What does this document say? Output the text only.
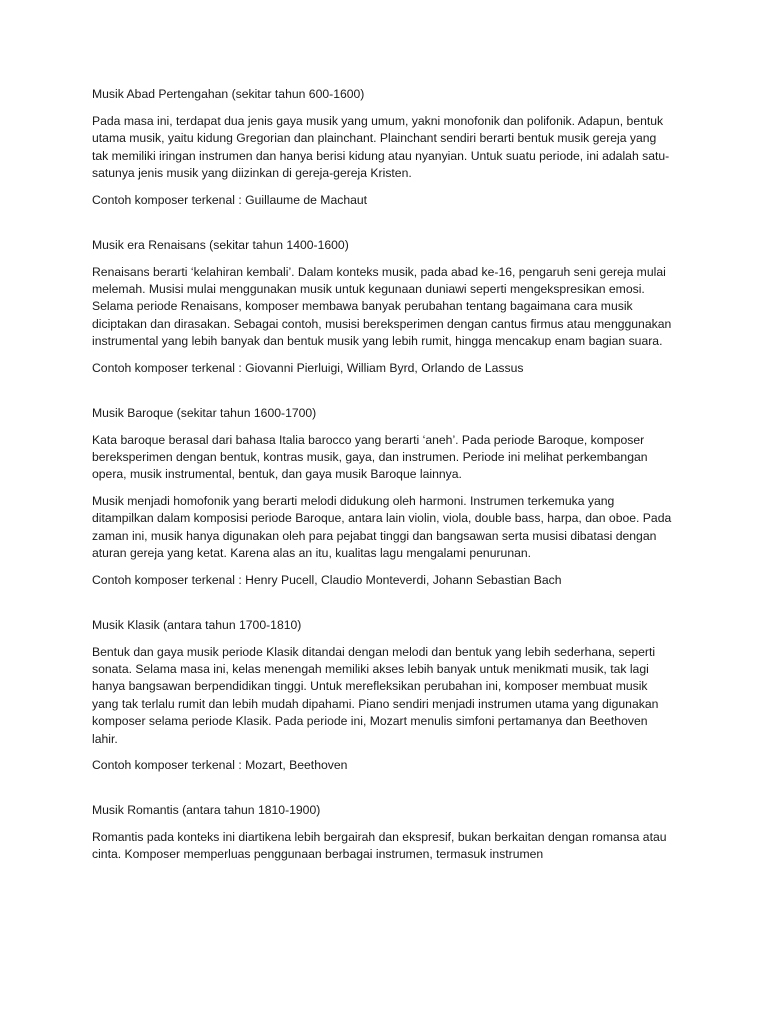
Musik Abad Pertengahan (sekitar tahun 600-1600)

Pada masa ini, terdapat dua jenis gaya musik yang umum, yakni monofonik dan polifonik. Adapun, bentuk utama musik, yaitu kidung Gregorian dan plainchant. Plainchant sendiri berarti bentuk musik gereja yang tak memiliki iringan instrumen dan hanya berisi kidung atau nyanyian. Untuk suatu periode, ini adalah satu-satunya jenis musik yang diizinkan di gereja-gereja Kristen.

Contoh komposer terkenal : Guillaume de Machaut

Musik era Renaisans (sekitar tahun 1400-1600)

Renaisans berarti ‘kelahiran kembali’. Dalam konteks musik, pada abad ke-16, pengaruh seni gereja mulai melemah. Musisi mulai menggunakan musik untuk kegunaan duniawi seperti mengekspresikan emosi. Selama periode Renaisans, komposer membawa banyak perubahan tentang bagaimana cara musik diciptakan dan dirasakan. Sebagai contoh, musisi bereksperimen dengan cantus firmus atau menggunakan instrumental yang lebih banyak dan bentuk musik yang lebih rumit, hingga mencakup enam bagian suara.

Contoh komposer terkenal : Giovanni Pierluigi, William Byrd, Orlando de Lassus

Musik Baroque (sekitar tahun 1600-1700)

Kata baroque berasal dari bahasa Italia barocco yang berarti ‘aneh’. Pada periode Baroque, komposer bereksperimen dengan bentuk, kontras musik, gaya, dan instrumen. Periode ini melihat perkembangan opera, musik instrumental, bentuk, dan gaya musik Baroque lainnya.

Musik menjadi homofonik yang berarti melodi didukung oleh harmoni. Instrumen terkemuka yang ditampilkan dalam komposisi periode Baroque, antara lain violin, viola, double bass, harpa, dan oboe. Pada zaman ini, musik hanya digunakan oleh para pejabat tinggi dan bangsawan serta musisi dibatasi dengan aturan gereja yang ketat. Karena alas an itu, kualitas lagu mengalami penurunan.

Contoh komposer terkenal : Henry Pucell, Claudio Monteverdi, Johann Sebastian Bach

Musik Klasik (antara tahun 1700-1810)

Bentuk dan gaya musik periode Klasik ditandai dengan melodi dan bentuk yang lebih sederhana, seperti sonata. Selama masa ini, kelas menengah memiliki akses lebih banyak untuk menikmati musik, tak lagi hanya bangsawan berpendidikan tinggi. Untuk merefleksikan perubahan ini, komposer membuat musik yang tak terlalu rumit dan lebih mudah dipahami. Piano sendiri menjadi instrumen utama yang digunakan komposer selama periode Klasik. Pada periode ini, Mozart menulis simfoni pertamanya dan Beethoven lahir.

Contoh komposer terkenal : Mozart, Beethoven

Musik Romantis (antara tahun 1810-1900)

Romantis pada konteks ini diartikena lebih bergairah dan ekspresif, bukan berkaitan dengan romansa atau cinta. Komposer memperluas penggunaan berbagai instrumen, termasuk instrumen
